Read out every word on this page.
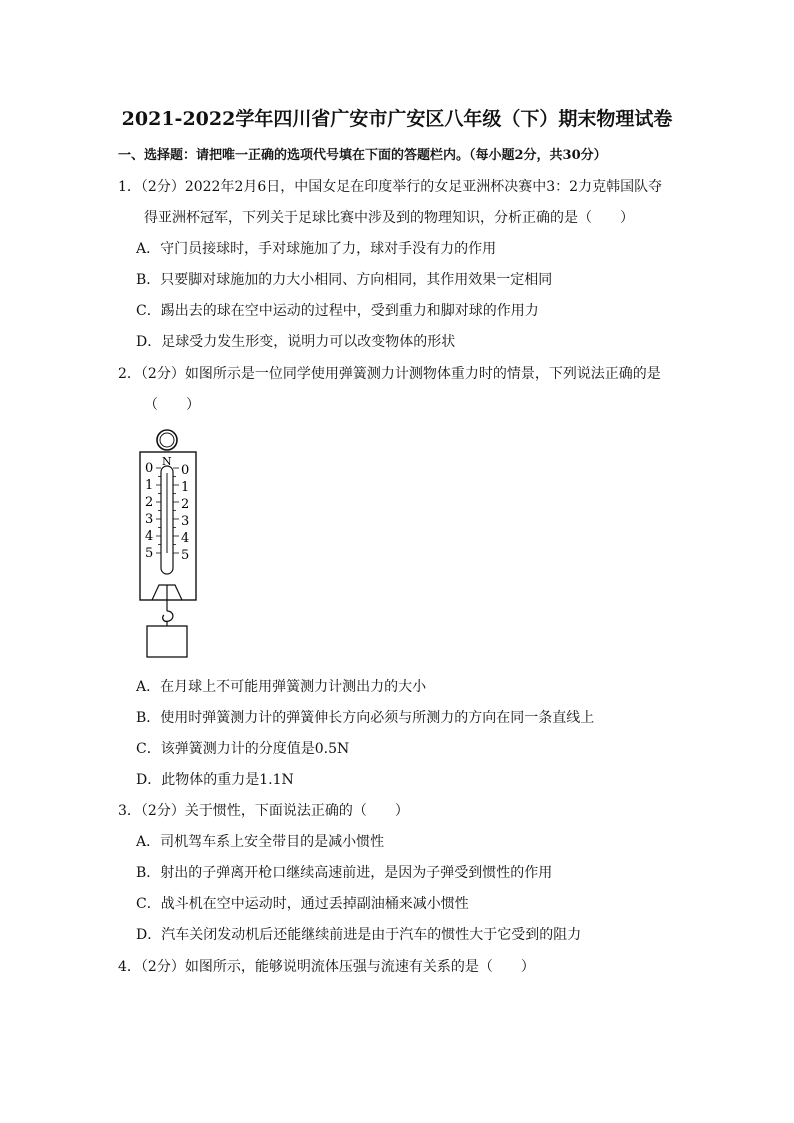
2021-2022学年四川省广安市广安区八年级（下）期末物理试卷
一、选择题：请把唯一正确的选项代号填在下面的答题栏内。（每小题2分，共30分）
1．（2分）2022年2月6日，中国女足在印度举行的女足亚洲杯决赛中3：2力克韩国队夺
得亚洲杯冠军，下列关于足球比赛中涉及到的物理知识，分析正确的是（　　）
A．守门员接球时，手对球施加了力，球对手没有力的作用
B．只要脚对球施加的力大小相同、方向相同，其作用效果一定相同
C．踢出去的球在空中运动的过程中，受到重力和脚对球的作用力
D．足球受力发生形变，说明力可以改变物体的形状
2．（2分）如图所示是一位同学使用弹簧测力计测物体重力时的情景，下列说法正确的是
（　　）
N
0
1
2
3
4
5
0
1
2
3
4
5
A．在月球上不可能用弹簧测力计测出力的大小
B．使用时弹簧测力计的弹簧伸长方向必须与所测力的方向在同一条直线上
C．该弹簧测力计的分度值是0.5N
D．此物体的重力是1.1N
3．（2分）关于惯性，下面说法正确的（　　）
A．司机驾车系上安全带目的是减小惯性
B．射出的子弹离开枪口继续高速前进，是因为子弹受到惯性的作用
C．战斗机在空中运动时，通过丢掉副油桶来减小惯性
D．汽车关闭发动机后还能继续前进是由于汽车的惯性大于它受到的阻力
4．（2分）如图所示，能够说明流体压强与流速有关系的是（　　）
